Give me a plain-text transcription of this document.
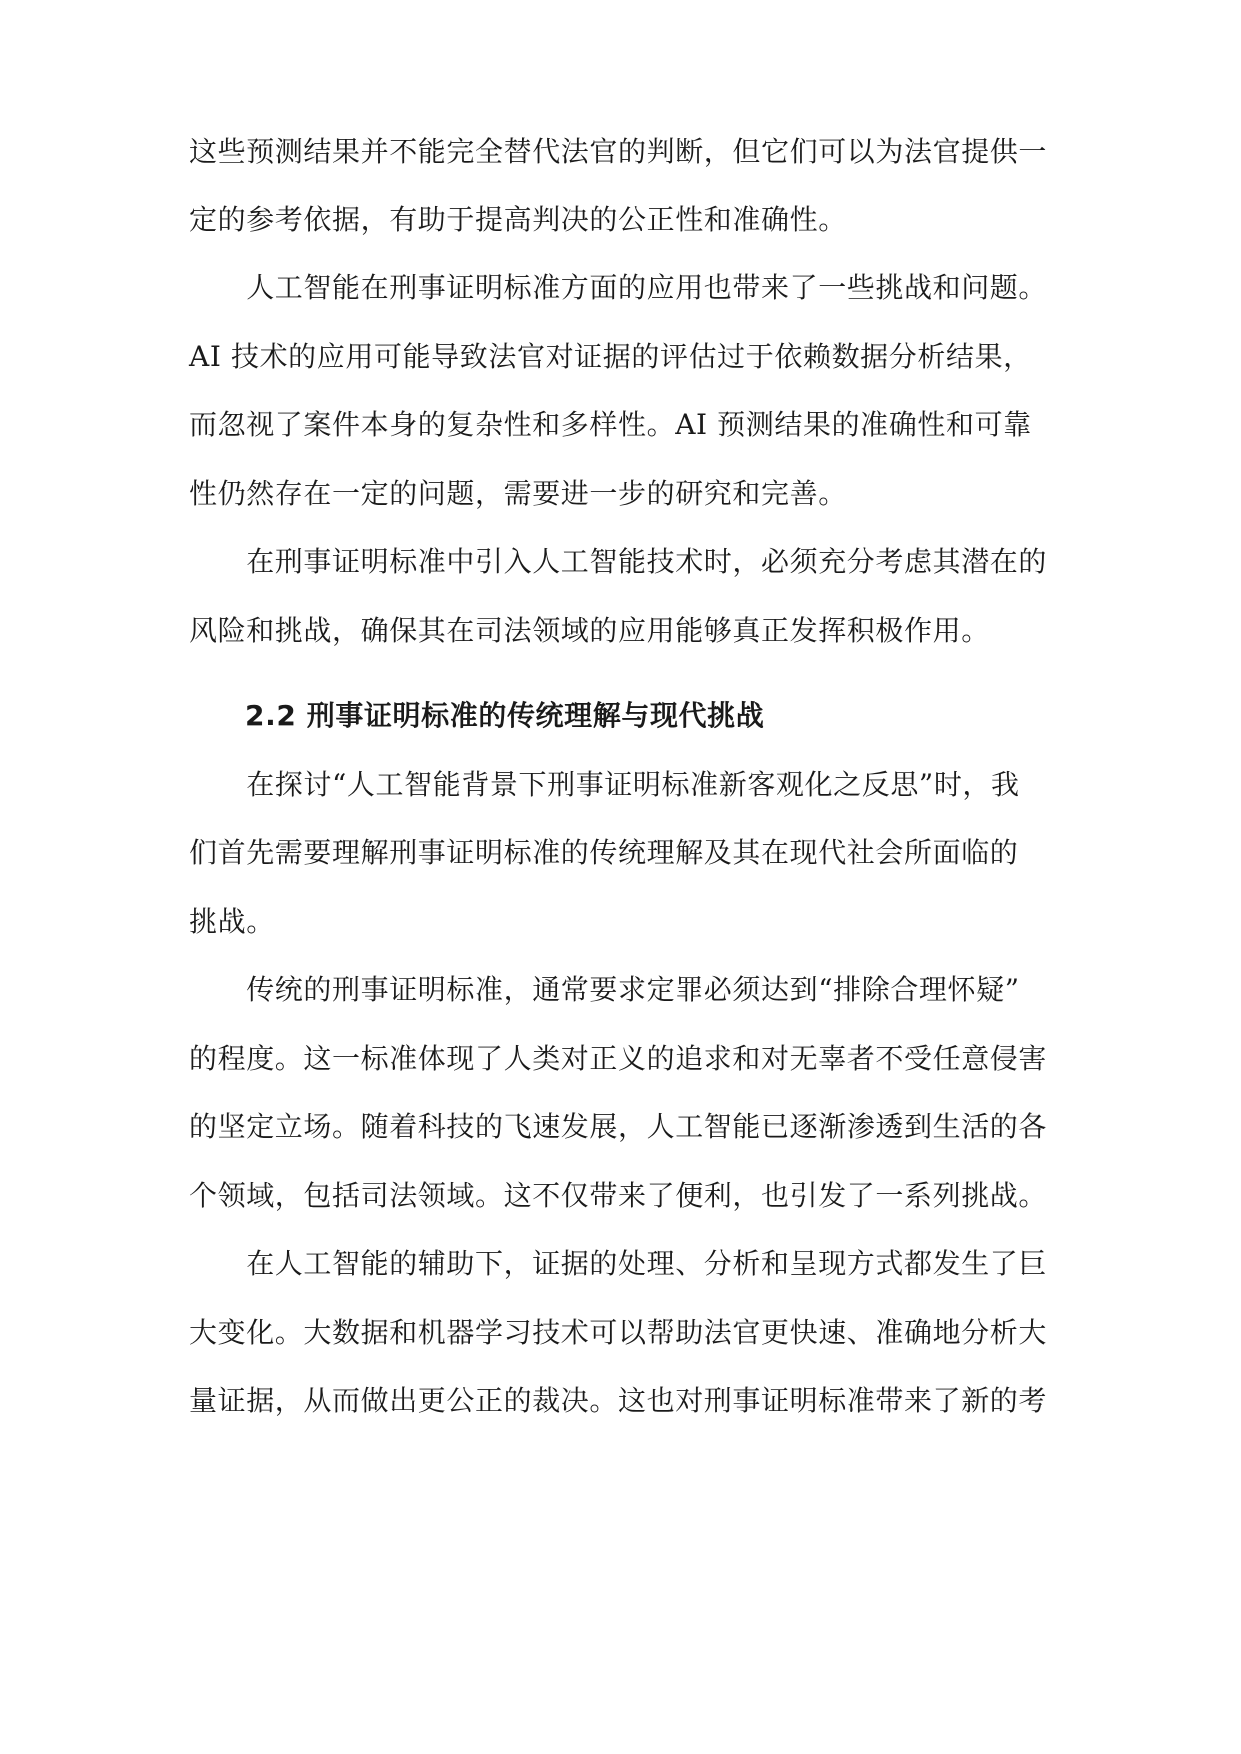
这些预测结果并不能完全替代法官的判断，但它们可以为法官提供一
定的参考依据，有助于提高判决的公正性和准确性。
　　人工智能在刑事证明标准方面的应用也带来了一些挑战和问题。
AI 技术的应用可能导致法官对证据的评估过于依赖数据分析结果，
而忽视了案件本身的复杂性和多样性。AI 预测结果的准确性和可靠
性仍然存在一定的问题，需要进一步的研究和完善。
　　在刑事证明标准中引入人工智能技术时，必须充分考虑其潜在的
风险和挑战，确保其在司法领域的应用能够真正发挥积极作用。
2.2 刑事证明标准的传统理解与现代挑战
　　在探讨“人工智能背景下刑事证明标准新客观化之反思”时，我
们首先需要理解刑事证明标准的传统理解及其在现代社会所面临的
挑战。
　　传统的刑事证明标准，通常要求定罪必须达到“排除合理怀疑”
的程度。这一标准体现了人类对正义的追求和对无辜者不受任意侵害
的坚定立场。随着科技的飞速发展，人工智能已逐渐渗透到生活的各
个领域，包括司法领域。这不仅带来了便利，也引发了一系列挑战。
　　在人工智能的辅助下，证据的处理、分析和呈现方式都发生了巨
大变化。大数据和机器学习技术可以帮助法官更快速、准确地分析大
量证据，从而做出更公正的裁决。这也对刑事证明标准带来了新的考
